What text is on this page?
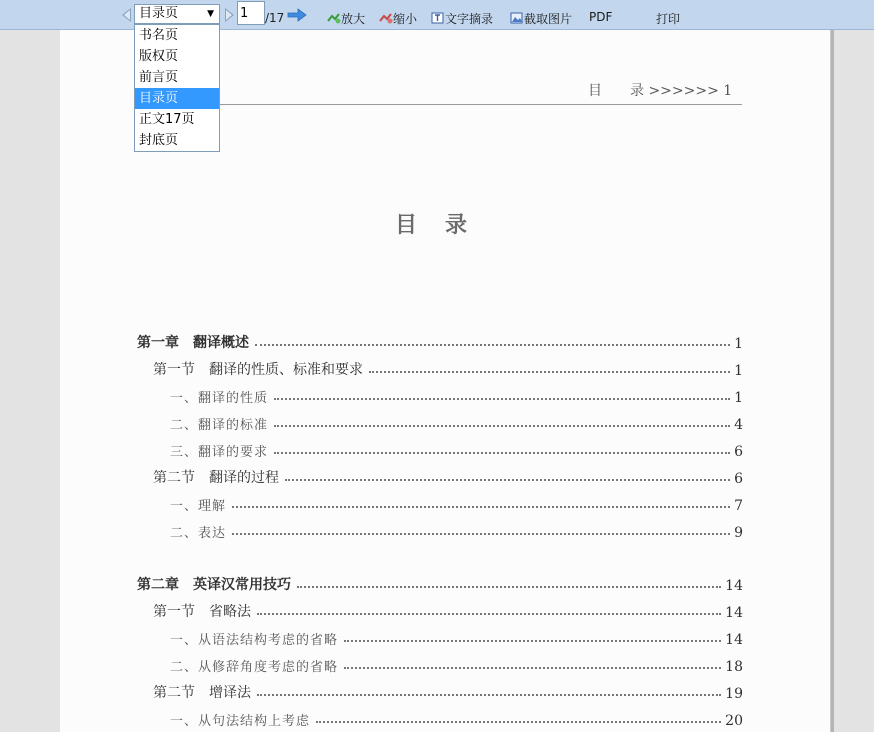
目录页	▼
1	/17	放大	缩小	文字摘录	截取图片 PDF	打印
目 录 >>>>>> 1
目录
第一章　翻译概述	1
第一节　翻译的性质、标准和要求	1
一、翻译的性质	1
二、翻译的标准	4
三、翻译的要求	6
第二节　翻译的过程	6
一、理解	7
二、表达	9
第二章　英译汉常用技巧	14
第一节　省略法	14
一、从语法结构考虑的省略	14
二、从修辞角度考虑的省略	18
第二节　增译法	19
一、从句法结构上考虑	20
书名页
版权页
前言页
目录页
正文17页
封底页
